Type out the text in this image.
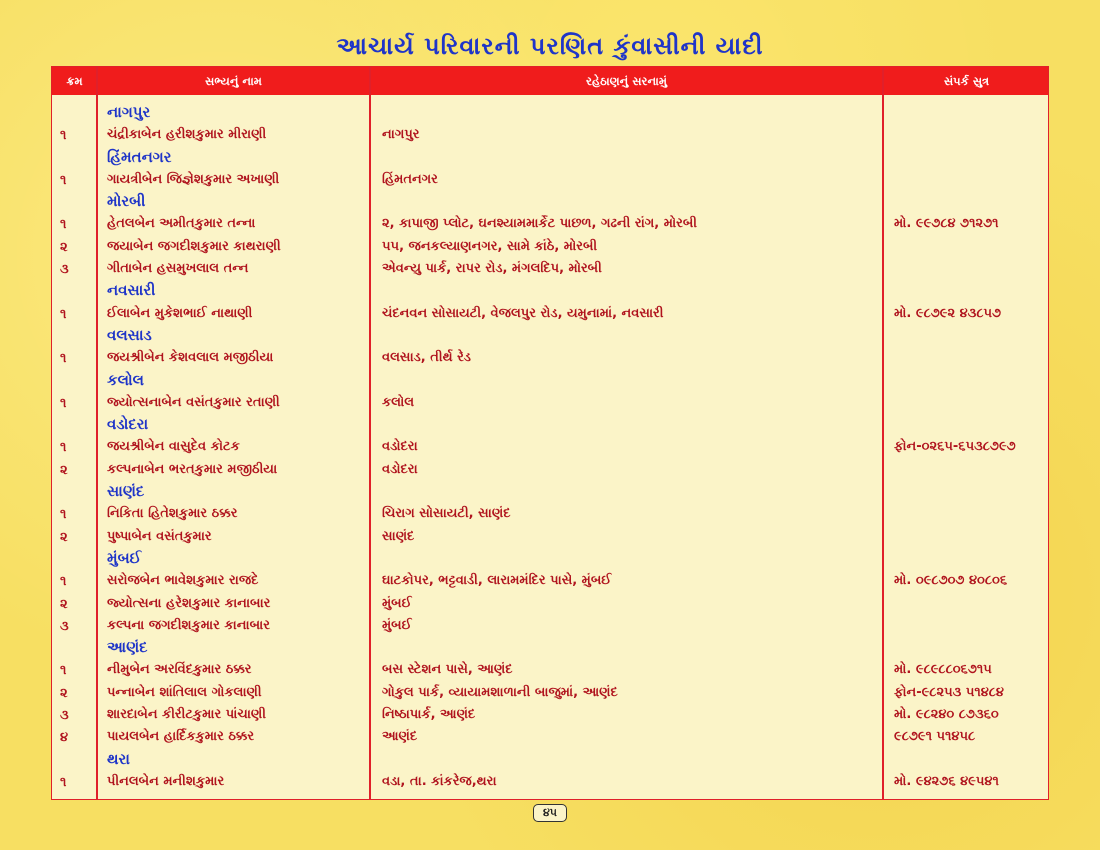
આચાર્ય પરિવારની પરણિત કુંવાસીની યાદી
ક્રમ	સભ્યનું નામ	રહેઠાણનું સરનામું	સંપર્ક સુત્ર
નાગપુર
૧	ચંદ્રીકાબેન હરીશકુમાર મીરાણી	નાગપુર
હિંમતનગર
૧	ગાયત્રીબેન જિજ્ઞેશકુમાર અખાણી	હિંમતનગર
મોરબી
૧	હેતલબેન અમીતકુમાર તન્ના	૨, કાપાજી પ્લોટ, ઘનશ્યામમાર્કેટ પાછળ, ગઢની રાંગ, મોરબી	મો. ૯૯૭૮૪ ૭૧૨૭૧
૨	જયાબેન જગદીશકુમાર કાથરાણી	૫૫, જનકલ્યાણનગર, સામે કાંઠે, મોરબી
૩	ગીતાબેન હસમુખલાલ તન્ન	એવન્યુ પાર્ક, રાપર રોડ, મંગલદિપ, મોરબી
નવસારી
૧	ઈલાબેન મુકેશભાઈ નાથાણી	ચંદનવન સોસાયટી, વેજલપુર રોડ, યમુનામાં, નવસારી	મો. ૯૮૭૯૨ ૪૩૮૫૭
વલસાડ
૧	જયશ્રીબેન કેશવલાલ મજીઠીયા	વલસાડ, તીર્થ રેડ
કલોલ
૧	જ્યોત્સનાબેન વસંતકુમાર રતાણી	કલોલ
વડોદરા
૧	જયશ્રીબેન વાસુદેવ કોટક	વડોદરા	ફોન-૦૨૬૫-૬૫૩૮૭૯૭
૨	કલ્પનાબેન ભરતકુમાર મજીઠીયા	વડોદરા
સાણંદ
૧	નિકિતા હિતેશકુમાર ઠક્કર	ચિરાગ સોસાયટી, સાણંદ
૨	પુષ્પાબેન વસંતકુમાર	સાણંદ
મુંબઈ
૧	સરોજબેન ભાવેશકુમાર રાજદે	ઘાટકોપર, ભટ્ટવાડી, લારામમંદિર પાસે, મુંબઈ	મો. ૦૯૮૭૦૭ ૪૦૮૦૬
૨	જ્યોત્સના હરેશકુમાર કાનાબાર	મુંબઈ
૩	કલ્પના જગદીશકુમાર કાનાબાર	મુંબઈ
આણંદ
૧	નીમુબેન અરવિંદકુમાર ઠક્કર	બસ સ્ટેશન પાસે, આણંદ	મો. ૯૮૯૮૮૦૬૭૧૫
૨	પન્નાબેન શાંતિલાલ ગોકલાણી	ગોકુલ પાર્ક, વ્યાયામશાળાની બાજુમાં, આણંદ	ફોન-૯૮૨૫૩ ૫૧૪૮૪
૩	શારદાબેન કીરીટકુમાર પાંચાણી	નિષ્ઠાપાર્ક, આણંદ	મો. ૯૮૨૪૦ ૮૭૩૬૦
૪	પાયલબેન હાર્દિકકુમાર ઠક્કર	આણંદ	૯૮૭૯૧ ૫૧૪૫૮
થરા
૧	પીનલબેન મનીશકુમાર	વડા, તા. કાંકરેજ,થરા	મો. ૯૪૨૭૬ ૪૯૫૪૧
૪૫
